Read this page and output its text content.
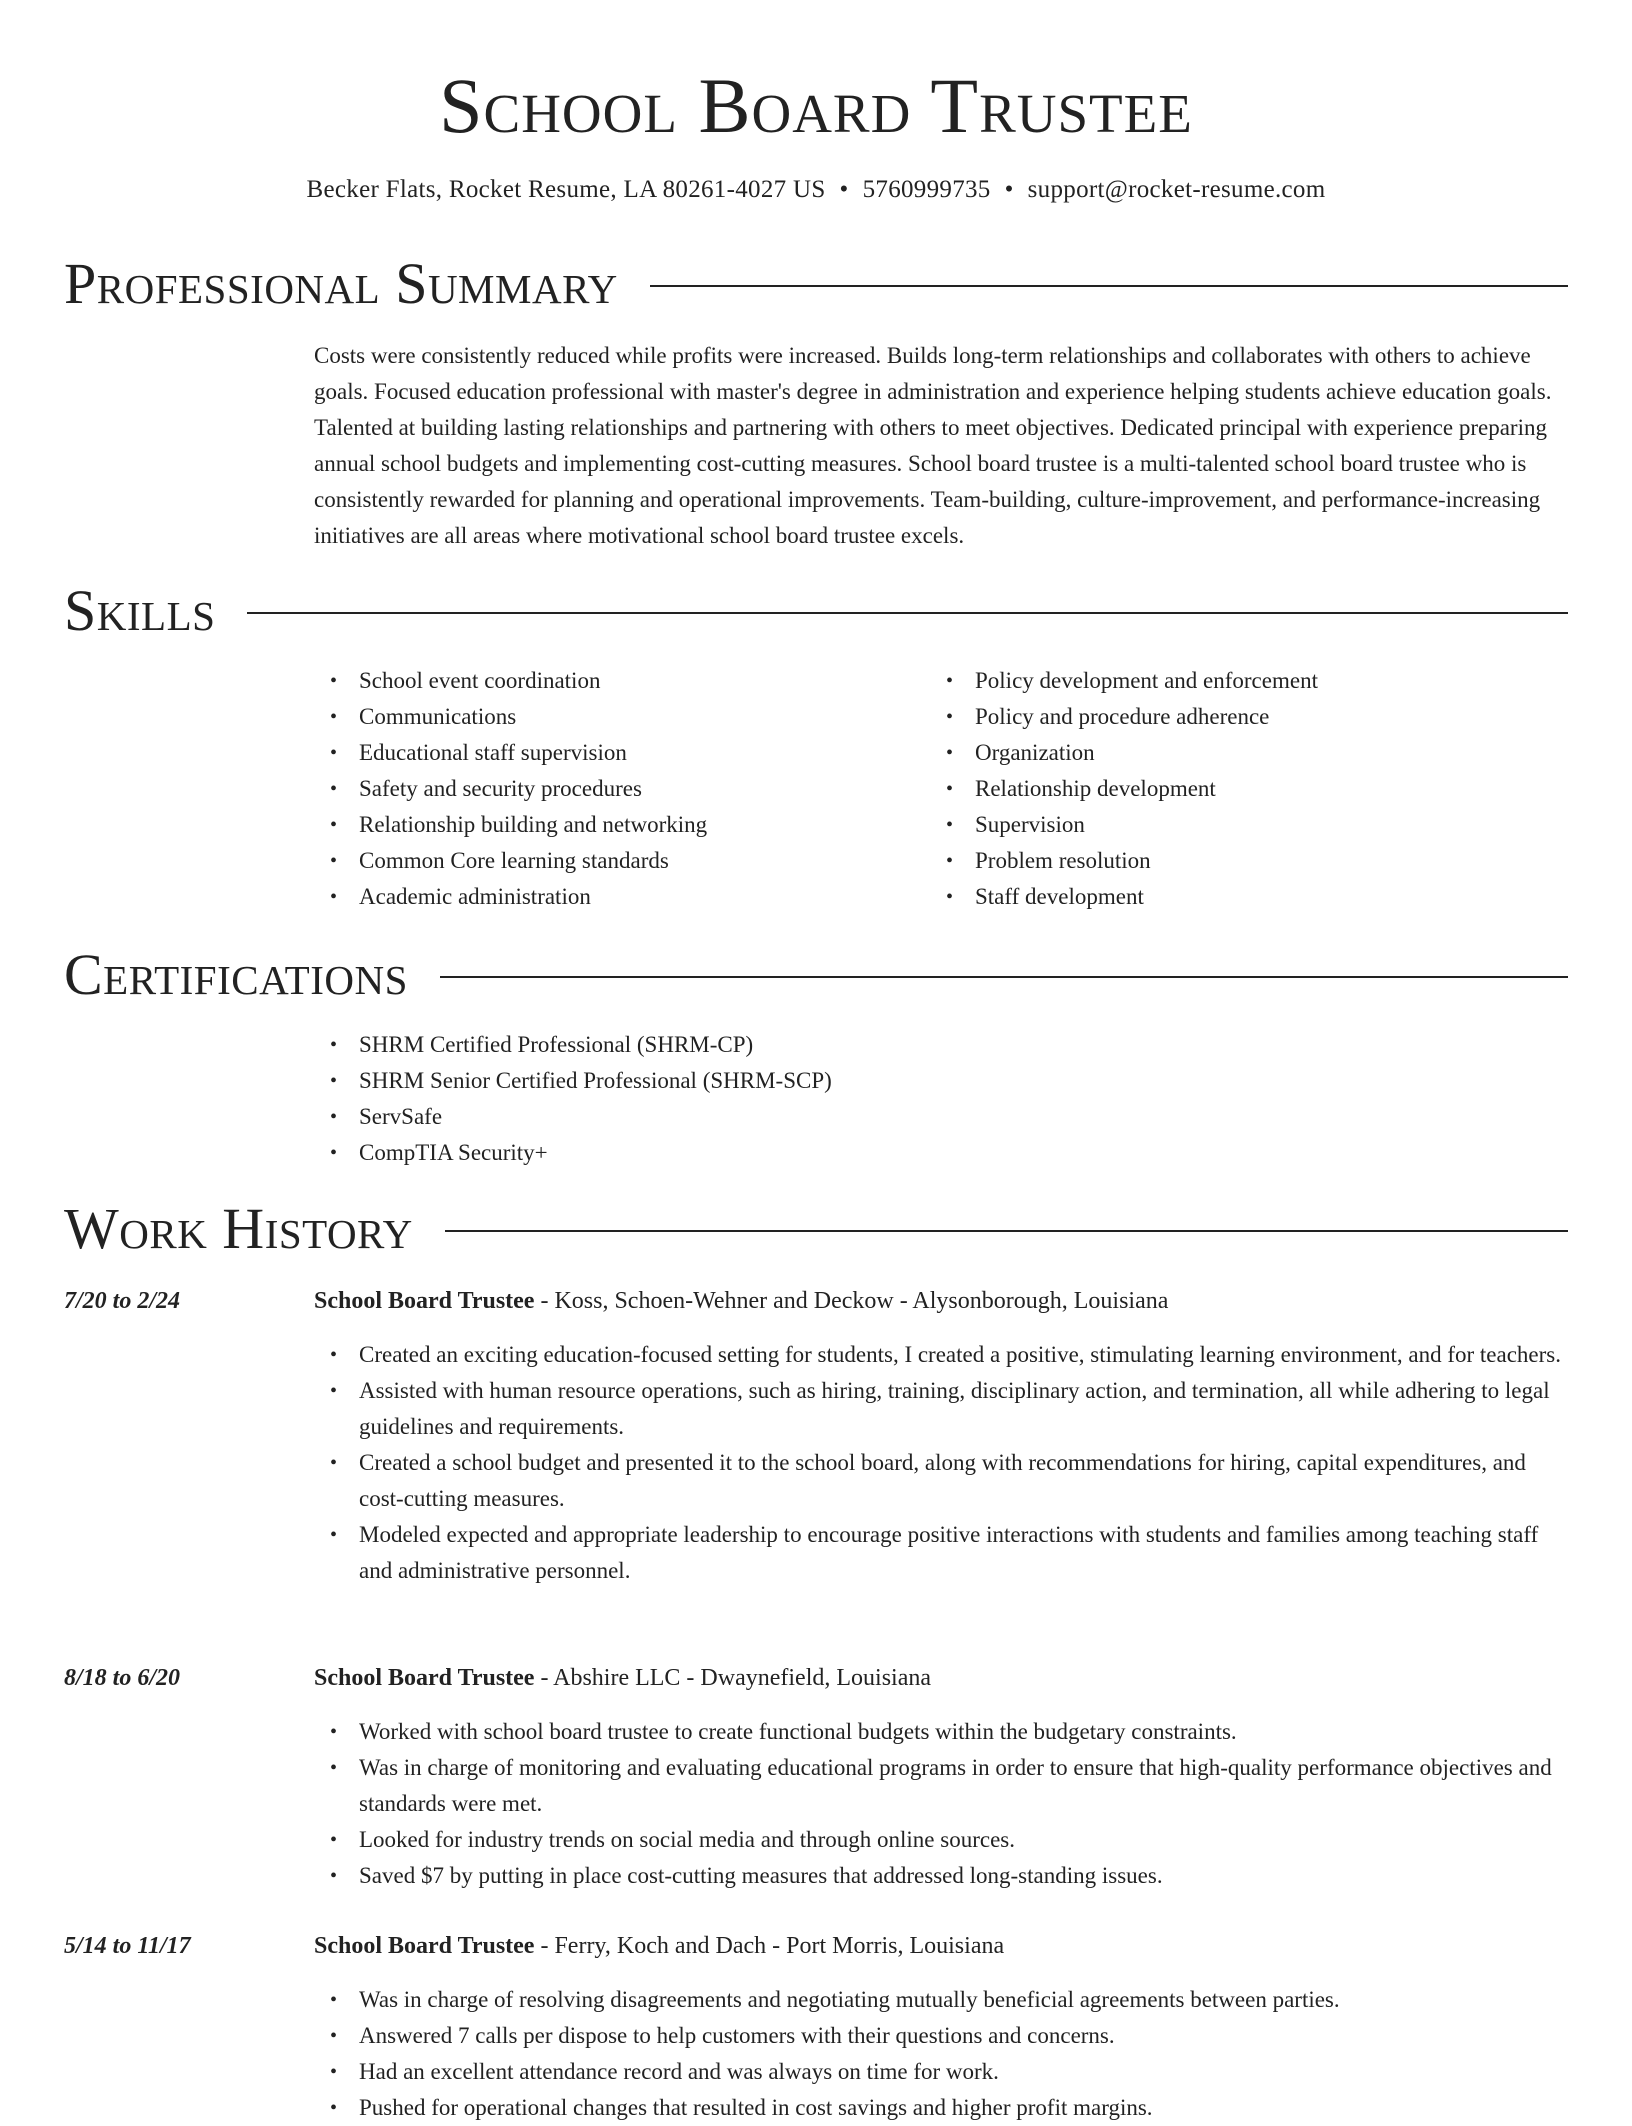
School Board Trustee
Becker Flats, Rocket Resume, LA 80261-4027 US • 5760999735 • support@rocket-resume.com
Professional Summary

Costs were consistently reduced while profits were increased. Builds long-term relationships and collaborates with others to achieve goals. Focused education professional with master's degree in administration and experience helping students achieve education goals. Talented at building lasting relationships and partnering with others to meet objectives. Dedicated principal with experience preparing annual school budgets and implementing cost-cutting measures. School board trustee is a multi-talented school board trustee who is consistently rewarded for planning and operational improvements. Team-building, culture-improvement, and performance-increasing initiatives are all areas where motivational school board trustee excels.

Skills
• School event coordination
• Communications
• Educational staff supervision
• Safety and security procedures
• Relationship building and networking
• Common Core learning standards
• Academic administration
• Policy development and enforcement
• Policy and procedure adherence
• Organization
• Relationship development
• Supervision
• Problem resolution
• Staff development
Certifications
• SHRM Certified Professional (SHRM-CP)
• SHRM Senior Certified Professional (SHRM-SCP)
• ServSafe
• CompTIA Security+
Work History
7/20 to 2/24	School Board Trustee - Koss, Schoen-Wehner and Deckow - Alysonborough, Louisiana
• Created an exciting education-focused setting for students, I created a positive, stimulating learning environment, and for teachers.
• Assisted with human resource operations, such as hiring, training, disciplinary action, and termination, all while adhering to legal guidelines and requirements.
• Created a school budget and presented it to the school board, along with recommendations for hiring, capital expenditures, and cost-cutting measures.
• Modeled expected and appropriate leadership to encourage positive interactions with students and families among teaching staff and administrative personnel.
8/18 to 6/20	School Board Trustee - Abshire LLC - Dwaynefield, Louisiana
• Worked with school board trustee to create functional budgets within the budgetary constraints.
• Was in charge of monitoring and evaluating educational programs in order to ensure that high-quality performance objectives and standards were met.
• Looked for industry trends on social media and through online sources.
• Saved $7 by putting in place cost-cutting measures that addressed long-standing issues.
5/14 to 11/17	School Board Trustee - Ferry, Koch and Dach - Port Morris, Louisiana
• Was in charge of resolving disagreements and negotiating mutually beneficial agreements between parties.
• Answered 7 calls per dispose to help customers with their questions and concerns.
• Had an excellent attendance record and was always on time for work.
• Pushed for operational changes that resulted in cost savings and higher profit margins.
